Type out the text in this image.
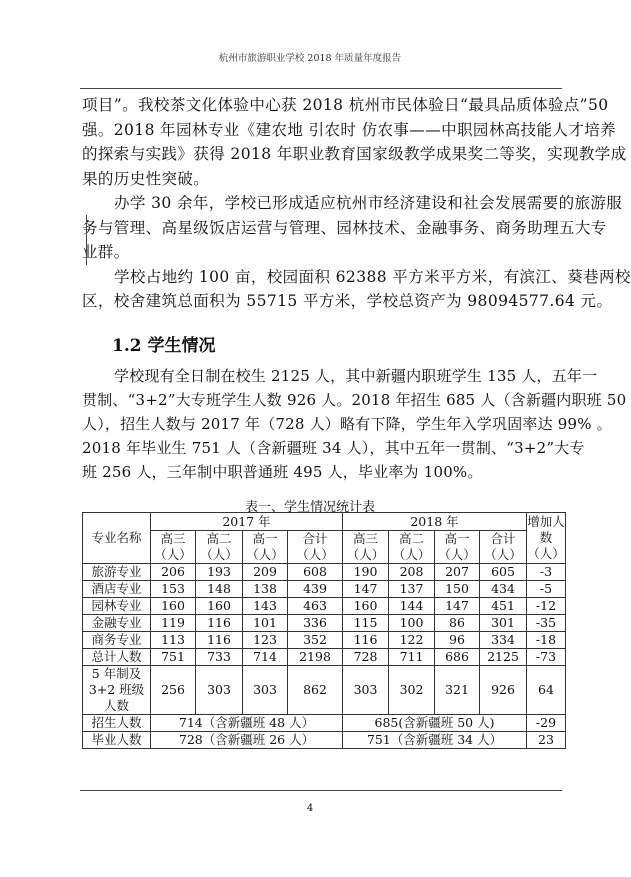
杭州市旅游职业学校 2018 年质量年度报告
项目”。我校茶文化体验中心获 2018 杭州市民体验日“最具品质体验点”50
强。2018 年园林专业《建农地 引农时 仿农事——中职园林高技能人才培养
的探索与实践》获得 2018 年职业教育国家级教学成果奖二等奖，实现教学成
果的历史性突破。
办学 30 余年，学校已形成适应杭州市经济建设和社会发展需要的旅游服
务与管理、高星级饭店运营与管理、园林技术、金融事务、商务助理五大专
业群。
学校占地约 100 亩，校园面积 62388 平方米平方米，有滨江、葵巷两校
区，校舍建筑总面积为 55715 平方米，学校总资产为 98094577.64 元。
1.2 学生情况
学校现有全日制在校生 2125 人，其中新疆内职班学生 135 人，五年一
贯制、“3+2”大专班学生人数 926 人。2018 年招生 685 人（含新疆内职班 50
人），招生人数与 2017 年（728 人）略有下降，学生年入学巩固率达 99% 。
2018 年毕业生 751 人（含新疆班 34 人），其中五年一贯制、“3+2”大专
班 256 人，三年制中职普通班 495 人，毕业率为 100%。
表一、学生情况统计表
专业名称	2017 年				2018 年				增加人数（人）
	高三（人）	高二（人）	高一（人）	合计（人）	高三（人）	高二（人）	高一（人）	合计（人）	
旅游专业	206	193	209	608	190	208	207	605	-3
酒店专业	153	148	138	439	147	137	150	434	-5
园林专业	160	160	143	463	160	144	147	451	-12
金融专业	119	116	101	336	115	100	86	301	-35
商务专业	113	116	123	352	116	122	96	334	-18
总计人数	751	733	714	2198	728	711	686	2125	-73
5 年制及 3+2 班级人数	256	303	303	862	303	302	321	926	64
招生人数	714（含新疆班 48 人）				685(含新疆班 50 人)				-29
毕业人数	728（含新疆班 26 人）				751（含新疆班 34 人）				23
4
